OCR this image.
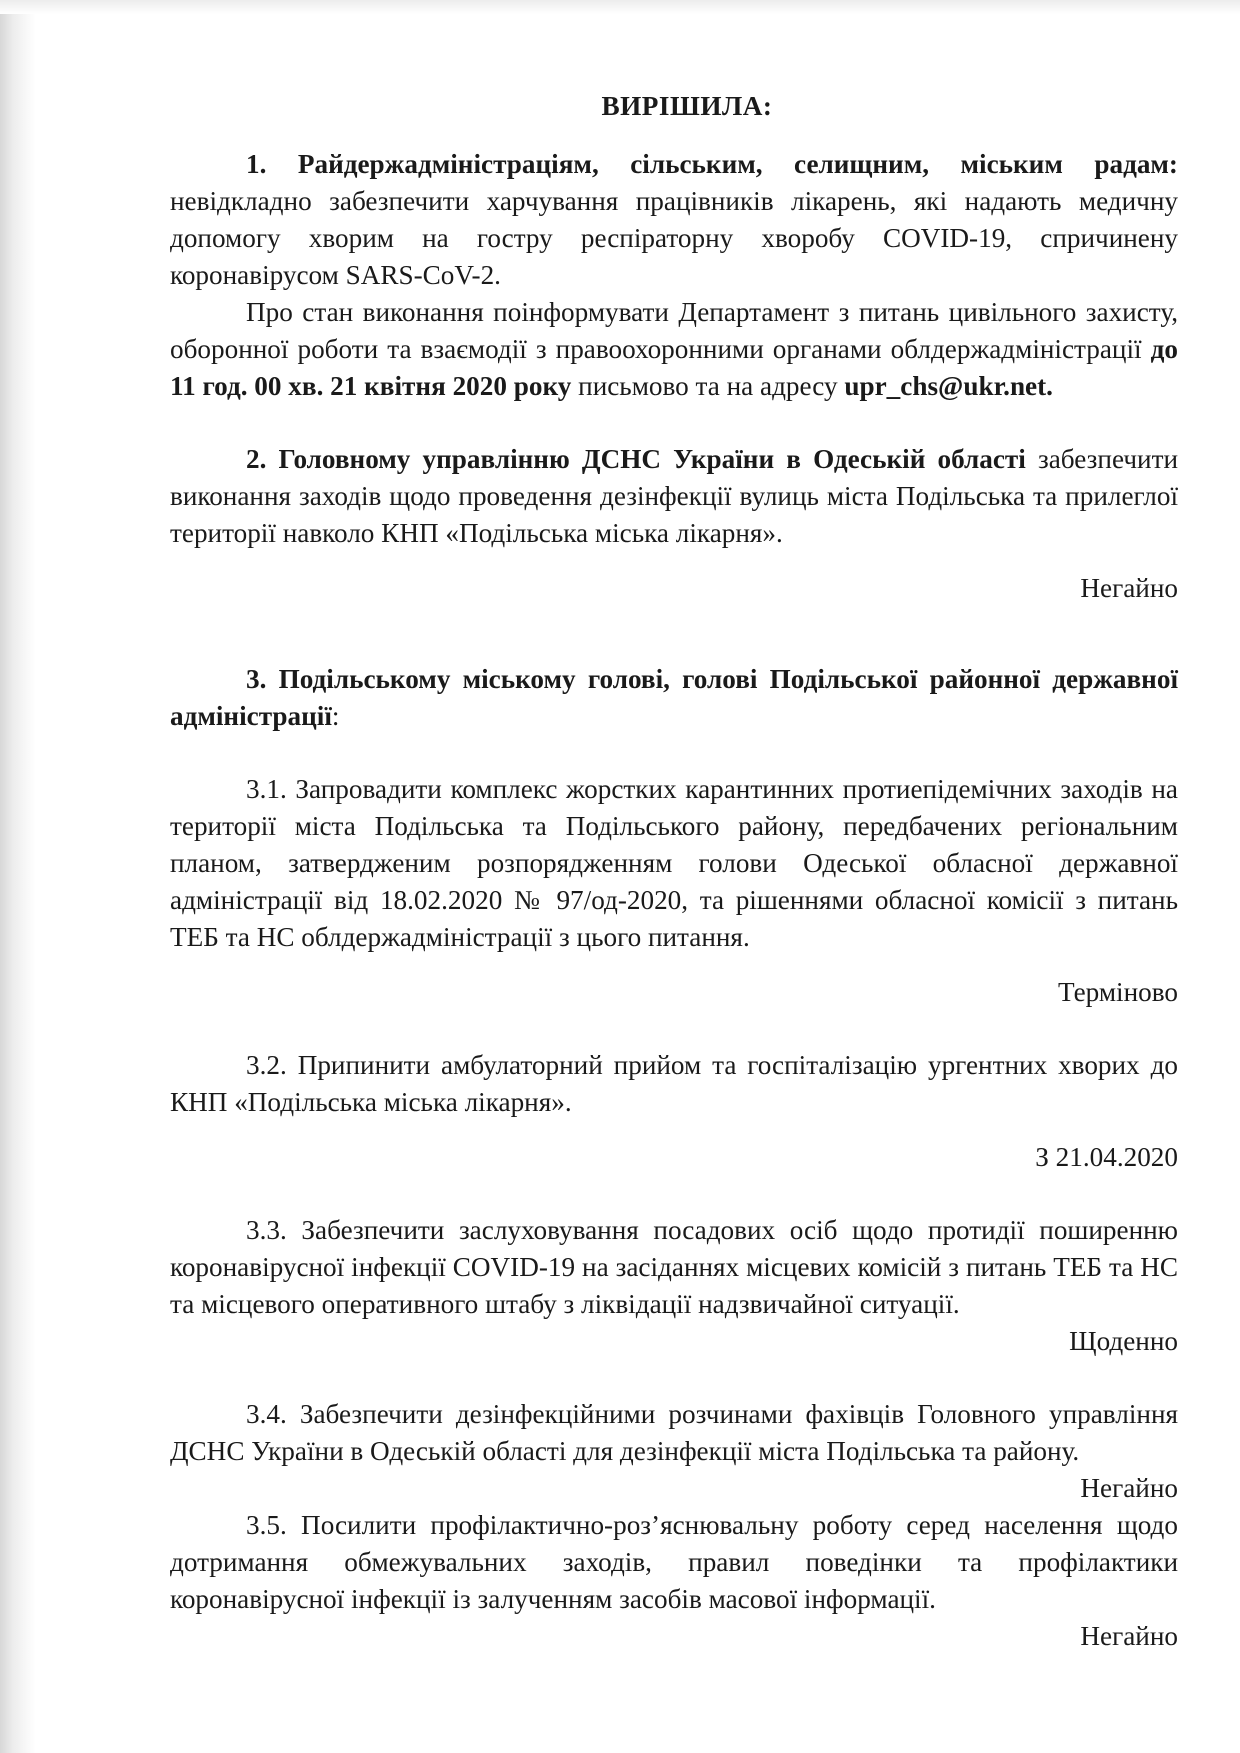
ВИРІШИЛА:

1. Райдержадміністраціям, сільським, селищним, міським радам: невідкладно забезпечити харчування працівників лікарень, які надають медичну допомогу хворим на гостру респіраторну хворобу COVID-19, спричинену коронавірусом SARS-CoV-2.

Про стан виконання поінформувати Департамент з питань цивільного захисту, оборонної роботи та взаємодії з правоохоронними органами облдержадміністрації до 11 год. 00 хв. 21 квітня 2020 року письмово та на адресу upr_chs@ukr.net.

2. Головному управлінню ДСНС України в Одеській області забезпечити виконання заходів щодо проведення дезінфекції вулиць міста Подільська та прилеглої території навколо КНП «Подільська міська лікарня».

Негайно

3. Подільському міському голові, голові Подільської районної державної адміністрації:

3.1. Запровадити комплекс жорстких карантинних протиепідемічних заходів на території міста Подільська та Подільського району, передбачених регіональним планом, затвердженим розпорядженням голови Одеської обласної державної адміністрації від 18.02.2020 № 97/од-2020, та рішеннями обласної комісії з питань ТЕБ та НС облдержадміністрації з цього питання.

Терміново

3.2. Припинити амбулаторний прийом та госпіталізацію ургентних хворих до КНП «Подільська міська лікарня».

З 21.04.2020

3.3. Забезпечити заслуховування посадових осіб щодо протидії поширенню коронавірусної інфекції COVID-19 на засіданнях місцевих комісій з питань ТЕБ та НС та місцевого оперативного штабу з ліквідації надзвичайної ситуації.

Щоденно

3.4. Забезпечити дезінфекційними розчинами фахівців Головного управління ДСНС України в Одеській області для дезінфекції міста Подільська та району.

Негайно

3.5. Посилити профілактично-роз’яснювальну роботу серед населення щодо дотримання обмежувальних заходів, правил поведінки та профілактики коронавірусної інфекції із залученням засобів масової інформації.

Негайно
